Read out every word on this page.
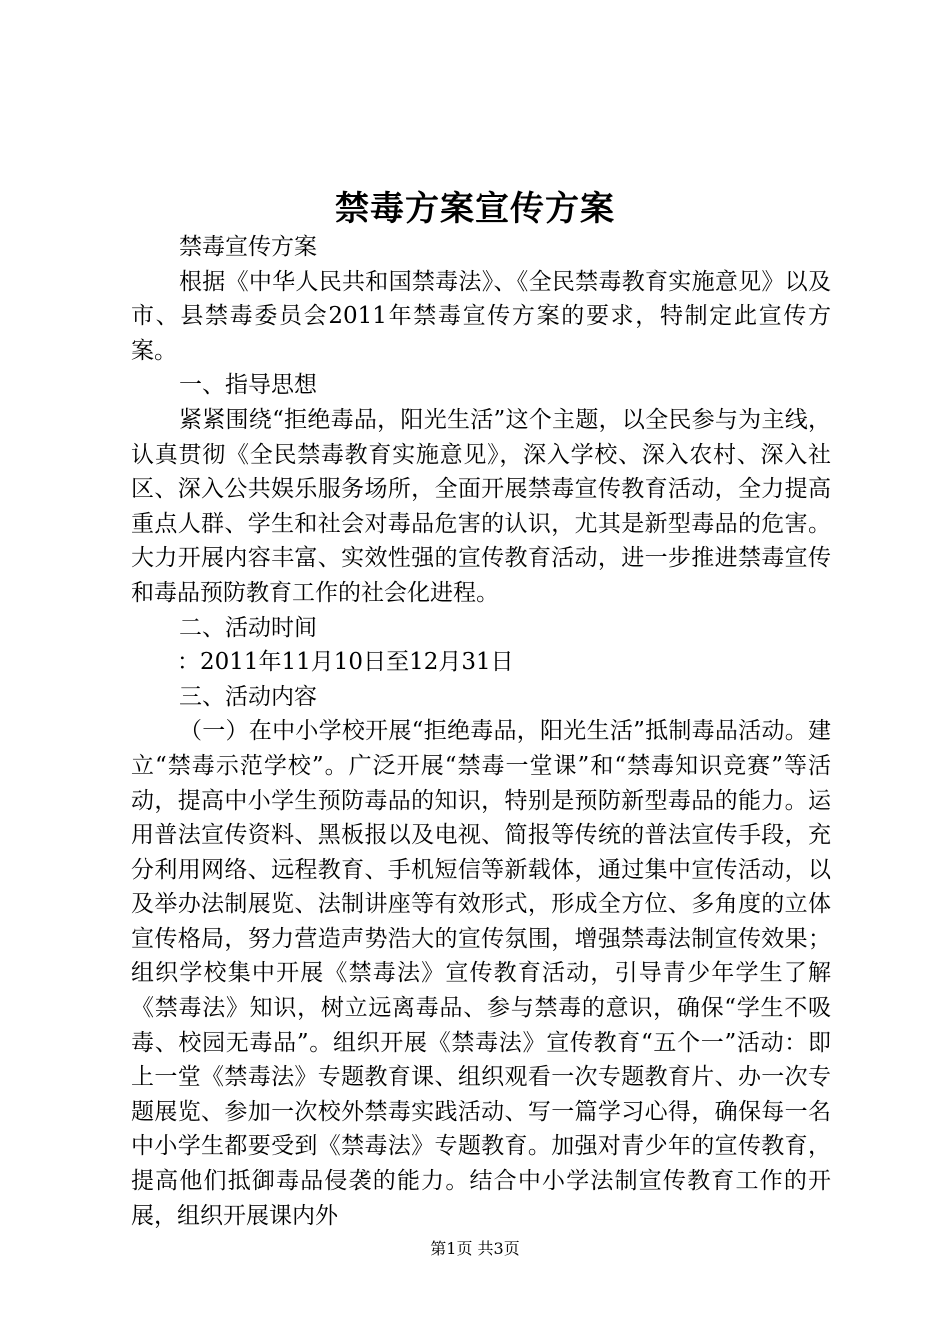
禁毒方案宣传方案

禁毒宣传方案

根据《中华人民共和国禁毒法》、《全民禁毒教育实施意见》以及市、县禁毒委员会2011年禁毒宣传方案的要求，特制定此宣传方案。

一、指导思想

紧紧围绕“拒绝毒品，阳光生活”这个主题，以全民参与为主线，认真贯彻《全民禁毒教育实施意见》，深入学校、深入农村、深入社区、深入公共娱乐服务场所，全面开展禁毒宣传教育活动，全力提高重点人群、学生和社会对毒品危害的认识，尤其是新型毒品的危害。大力开展内容丰富、实效性强的宣传教育活动，进一步推进禁毒宣传和毒品预防教育工作的社会化进程。

二、活动时间

：2011年11月10日至12月31日

三、活动内容

（一）在中小学校开展“拒绝毒品，阳光生活”抵制毒品活动。建立“禁毒示范学校”。广泛开展“禁毒一堂课”和“禁毒知识竞赛”等活动，提高中小学生预防毒品的知识，特别是预防新型毒品的能力。运用普法宣传资料、黑板报以及电视、简报等传统的普法宣传手段，充分利用网络、远程教育、手机短信等新载体，通过集中宣传活动，以及举办法制展览、法制讲座等有效形式，形成全方位、多角度的立体宣传格局，努力营造声势浩大的宣传氛围，增强禁毒法制宣传效果；组织学校集中开展《禁毒法》宣传教育活动，引导青少年学生了解《禁毒法》知识，树立远离毒品、参与禁毒的意识，确保“学生不吸毒、校园无毒品”。组织开展《禁毒法》宣传教育“五个一”活动：即上一堂《禁毒法》专题教育课、组织观看一次专题教育片、办一次专题展览、参加一次校外禁毒实践活动、写一篇学习心得，确保每一名中小学生都要受到《禁毒法》专题教育。加强对青少年的宣传教育，提高他们抵御毒品侵袭的能力。结合中小学法制宣传教育工作的开展，组织开展课内外

第1页 共3页
